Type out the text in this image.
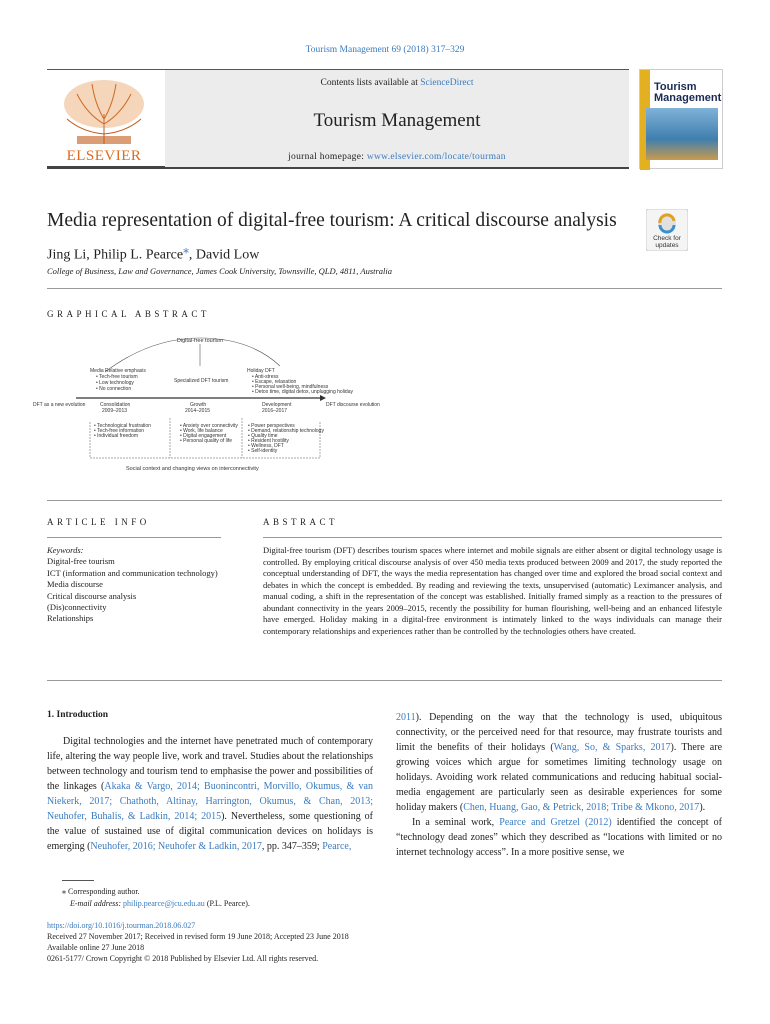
Tourism Management 69 (2018) 317–329
ELSEVIER
Contents lists available at ScienceDirect
Tourism Management
journal homepage: www.elsevier.com/locate/tourman
Tourism
Management
Media representation of digital-free tourism: A critical discourse analysis
Jing Li, Philip L. Pearce⁎, David Low
College of Business, Law and Governance, James Cook University, Townsville, QLD, 4811, Australia
Check for
updates
GRAPHICAL ABSTRACT
Digital-free tourism
Media Relative emphasis
• Tech-free tourism
• Low technology
• No connection
Specialized DFT tourism
Holiday DFT
• Anti-stress
• Escape, relaxation
• Personal well-being, mindfulness
• Detox time, digital detox, unplugging holiday
DFT as a new evolution	DFT discourse evolution
Consolidation
2009–2013
Growth
2014–2015
Development
2016–2017
• Technological frustration
• Tech-free information
• Individual freedom
• Anxiety over connectivity
• Work, life balance
• Digital engagement
• Personal quality of life
• Power perspectives
• Demand, relationship technology
• Quality time
• Resident hostility
• Wellness, DFT
• Self-identity
Social context and changing views on interconnectivity
ARTICLE INFO	ABSTRACT
Keywords:
Digital-free tourism
ICT (information and communication technology)
Media discourse
Critical discourse analysis
(Dis)connectivity
Relationships
Digital-free tourism (DFT) describes tourism spaces where internet and mobile signals are either absent or digital technology usage is controlled. By employing critical discourse analysis of over 450 media texts produced between 2009 and 2017, the study reported the conceptual understanding of DFT, the ways the media representation has changed over time and explored the broad social context and debates in which the concept is embedded. By reading and reviewing the texts, unsupervised (automatic) Leximancer analysis, and manual coding, a shift in the representation of the concept was established. Initially framed simply as a reaction to the pressures of abundant connectivity in the years 2009–2015, recently the possibility for human flourishing, well-being and an enhanced lifestyle have emerged. Holiday making in a digital-free environment is intimately linked to the ways individuals can manage their contemporary relationships and experiences rather than be controlled by the technologies others have created.
1. Introduction
Digital technologies and the internet have penetrated much of contemporary life, altering the way people live, work and travel. Studies about the relationships between technology and tourism tend to emphasise the power and possibilities of the linkages (Akaka & Vargo, 2014; Buonincontri, Morvillo, Okumus, & van Niekerk, 2017; Chathoth, Altinay, Harrington, Okumus, & Chan, 2013; Neuhofer, Buhalis, & Ladkin, 2014; 2015). Nevertheless, some questioning of the value of sustained use of digital communication devices on holidays is emerging (Neuhofer, 2016; Neuhofer & Ladkin, 2017, pp. 347–359; Pearce,

2011). Depending on the way that the technology is used, ubiquitous connectivity, or the perceived need for that resource, may frustrate tourists and limit the benefits of their holidays (Wang, So, & Sparks, 2017). There are growing voices which argue for sometimes limiting technology usage on holidays. Avoiding work related communications and reducing habitual social-media engagement are particularly seen as desirable experiences for some holiday makers (Chen, Huang, Gao, & Petrick, 2018; Tribe & Mkono, 2017).

In a seminal work, Pearce and Gretzel (2012) identified the concept of “technology dead zones” which they described as “locations with limited or no internet technology access”. In a more positive sense, we

⁎ Corresponding author.
E-mail address: philip.pearce@jcu.edu.au (P.L. Pearce).
https://doi.org/10.1016/j.tourman.2018.06.027
Received 27 November 2017; Received in revised form 19 June 2018; Accepted 23 June 2018
Available online 27 June 2018
0261-5177/ Crown Copyright © 2018 Published by Elsevier Ltd. All rights reserved.
